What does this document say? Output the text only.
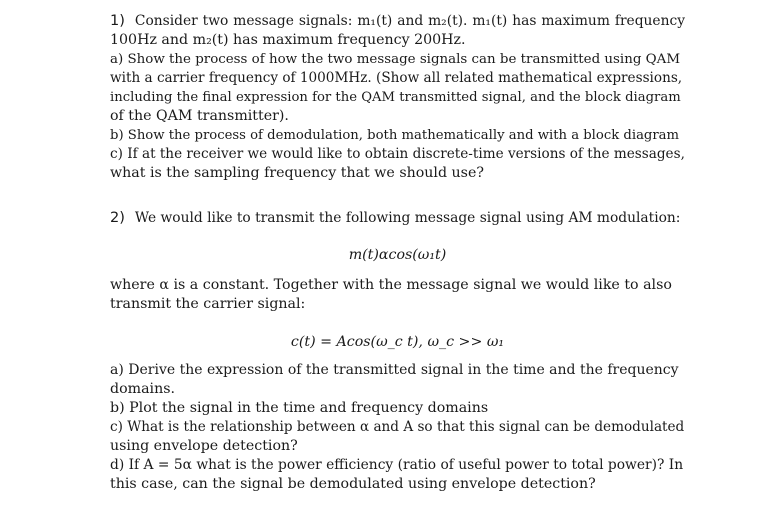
1) Consider two message signals: m₁(t) and m₂(t). m₁(t) has maximum frequency
100Hz and m₂(t) has maximum frequency 200Hz.
a) Show the process of how the two message signals can be transmitted using QAM
with a carrier frequency of 1000MHz. (Show all related mathematical expressions,
including the final expression for the QAM transmitted signal, and the block diagram
of the QAM transmitter).
b) Show the process of demodulation, both mathematically and with a block diagram
c) If at the receiver we would like to obtain discrete-time versions of the messages,
what is the sampling frequency that we should use?
2) We would like to transmit the following message signal using AM modulation:
m(t)αcos(ω₁t)
where α is a constant. Together with the message signal we would like to also
transmit the carrier signal:
c(t) = Acos(ω_c t), ω_c >> ω₁
a) Derive the expression of the transmitted signal in the time and the frequency
domains.
b) Plot the signal in the time and frequency domains
c) What is the relationship between α and A so that this signal can be demodulated
using envelope detection?
d) If A = 5α what is the power efficiency (ratio of useful power to total power)? In
this case, can the signal be demodulated using envelope detection?
